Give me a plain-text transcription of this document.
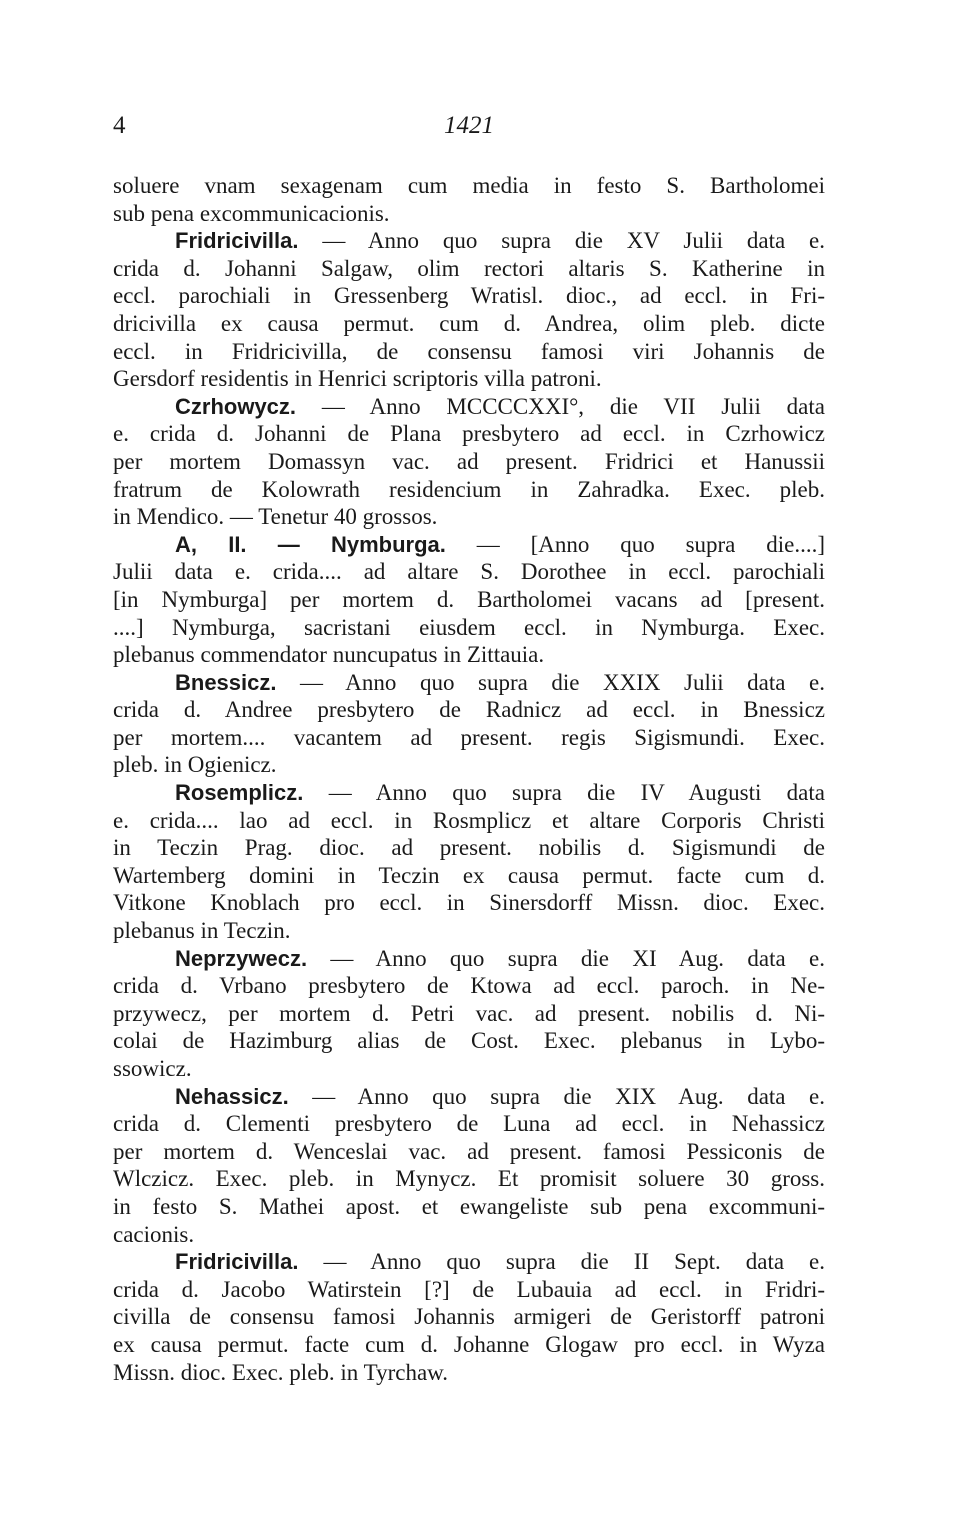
4	1421
soluere vnam sexagenam cum media in festo S. Bartholomei
sub pena excommunicacionis.
Fridricivilla. — Anno quo supra die XV Julii data e.
crida d. Johanni Salgaw, olim rectori altaris S. Katherine in
eccl. parochiali in Gressenberg Wratisl. dioc., ad eccl. in Fri-
dricivilla ex causa permut. cum d. Andrea, olim pleb. dicte
eccl. in Fridricivilla, de consensu famosi viri Johannis de
Gersdorf residentis in Henrici scriptoris villa patroni.
Czrhowycz. — Anno MCCCCXXI°, die VII Julii data
e. crida d. Johanni de Plana presbytero ad eccl. in Czrhowicz
per mortem Domassyn vac. ad present. Fridrici et Hanussii
fratrum de Kolowrath residencium in Zahradka. Exec. pleb.
in Mendico. — Tenetur 40 grossos.
A, II. — Nymburga. — [Anno quo supra die....]
Julii data e. crida.... ad altare S. Dorothee in eccl. parochiali
[in Nymburga] per mortem d. Bartholomei vacans ad [present.
....] Nymburga, sacristani eiusdem eccl. in Nymburga. Exec.
plebanus commendator nuncupatus in Zittauia.
Bnessicz. — Anno quo supra die XXIX Julii data e.
crida d. Andree presbytero de Radnicz ad eccl. in Bnessicz
per mortem.... vacantem ad present. regis Sigismundi. Exec.
pleb. in Ogienicz.
Rosemplicz. — Anno quo supra die IV Augusti data
e. crida.... lao ad eccl. in Rosmplicz et altare Corporis Christi
in Teczin Prag. dioc. ad present. nobilis d. Sigismundi de
Wartemberg domini in Teczin ex causa permut. facte cum d.
Vitkone Knoblach pro eccl. in Sinersdorff Missn. dioc. Exec.
plebanus in Teczin.
Neprzywecz. — Anno quo supra die XI Aug. data e.
crida d. Vrbano presbytero de Ktowa ad eccl. paroch. in Ne-
przywecz, per mortem d. Petri vac. ad present. nobilis d. Ni-
colai de Hazimburg alias de Cost. Exec. plebanus in Lybo-
ssowicz.
Nehassicz. — Anno quo supra die XIX Aug. data e.
crida d. Clementi presbytero de Luna ad eccl. in Nehassicz
per mortem d. Wenceslai vac. ad present. famosi Pessiconis de
Wlczicz. Exec. pleb. in Mynycz. Et promisit soluere 30 gross.
in festo S. Mathei apost. et ewangeliste sub pena excommuni-
cacionis.
Fridricivilla. — Anno quo supra die II Sept. data e.
crida d. Jacobo Watirstein [?] de Lubauia ad eccl. in Fridri-
civilla de consensu famosi Johannis armigeri de Geristorff patroni
ex causa permut. facte cum d. Johanne Glogaw pro eccl. in Wyza
Missn. dioc. Exec. pleb. in Tyrchaw.
